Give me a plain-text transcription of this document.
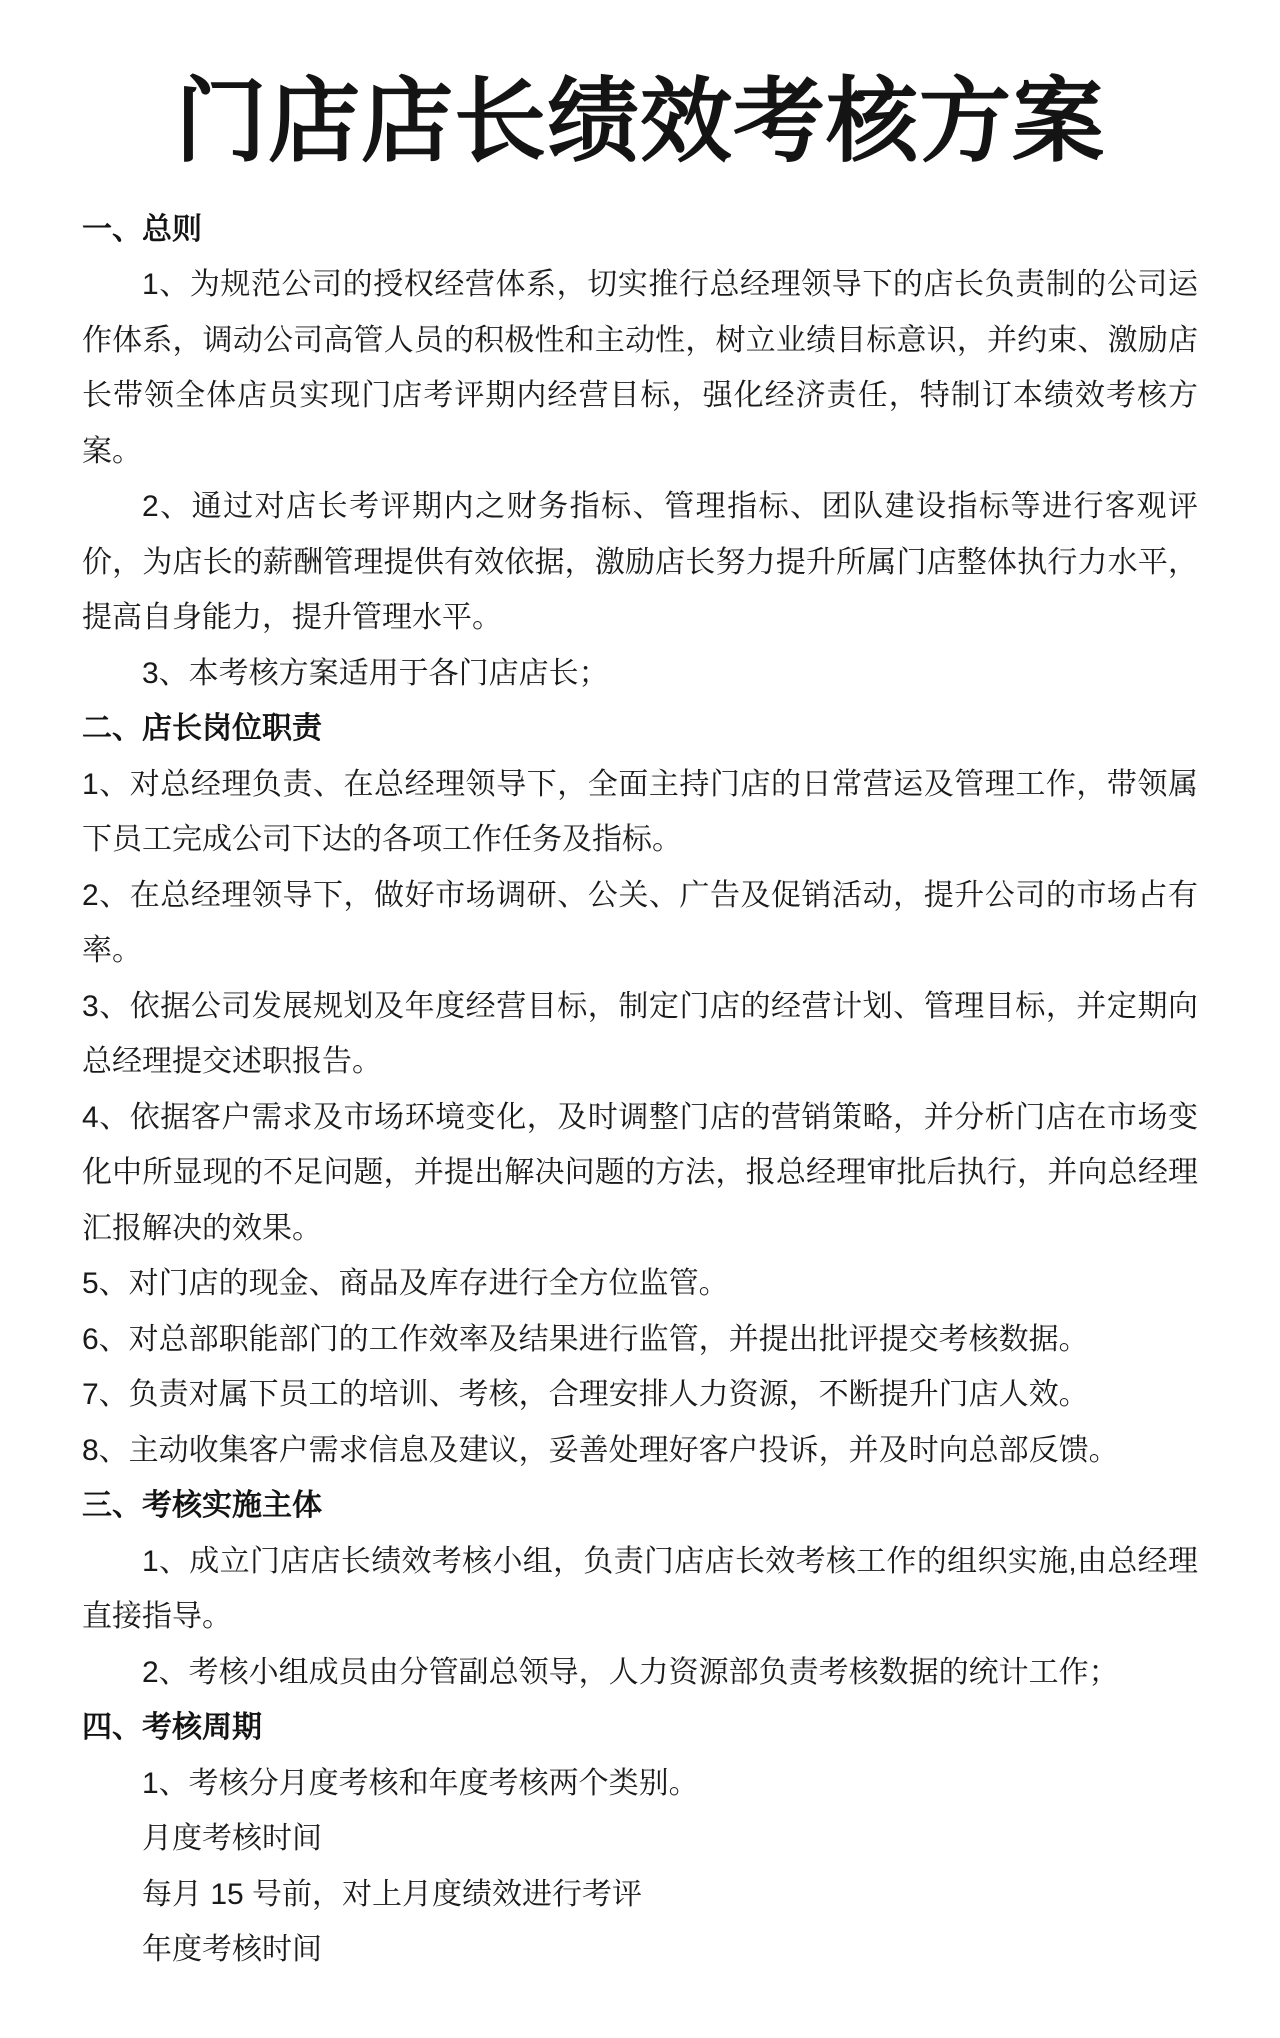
门店店长绩效考核方案
一、总则

1、为规范公司的授权经营体系，切实推行总经理领导下的店长负责制的公司运作体系，调动公司高管人员的积极性和主动性，树立业绩目标意识，并约束、激励店长带领全体店员实现门店考评期内经营目标，强化经济责任，特制订本绩效考核方案。

2、通过对店长考评期内之财务指标、管理指标、团队建设指标等进行客观评价，为店长的薪酬管理提供有效依据，激励店长努力提升所属门店整体执行力水平，提高自身能力，提升管理水平。

3、本考核方案适用于各门店店长；

二、店长岗位职责

1、对总经理负责、在总经理领导下，全面主持门店的日常营运及管理工作，带领属下员工完成公司下达的各项工作任务及指标。

2、在总经理领导下，做好市场调研、公关、广告及促销活动，提升公司的市场占有率。

3、依据公司发展规划及年度经营目标，制定门店的经营计划、管理目标，并定期向总经理提交述职报告。

4、依据客户需求及市场环境变化，及时调整门店的营销策略，并分析门店在市场变化中所显现的不足问题，并提出解决问题的方法，报总经理审批后执行，并向总经理汇报解决的效果。

5、对门店的现金、商品及库存进行全方位监管。

6、对总部职能部门的工作效率及结果进行监管，并提出批评提交考核数据。

7、负责对属下员工的培训、考核，合理安排人力资源，不断提升门店人效。

8、主动收集客户需求信息及建议，妥善处理好客户投诉，并及时向总部反馈。

三、考核实施主体

1、成立门店店长绩效考核小组，负责门店店长效考核工作的组织实施,由总经理直接指导。

2、考核小组成员由分管副总领导，人力资源部负责考核数据的统计工作；

四、考核周期

1、考核分月度考核和年度考核两个类别。

月度考核时间

每月 15 号前，对上月度绩效进行考评

年度考核时间
